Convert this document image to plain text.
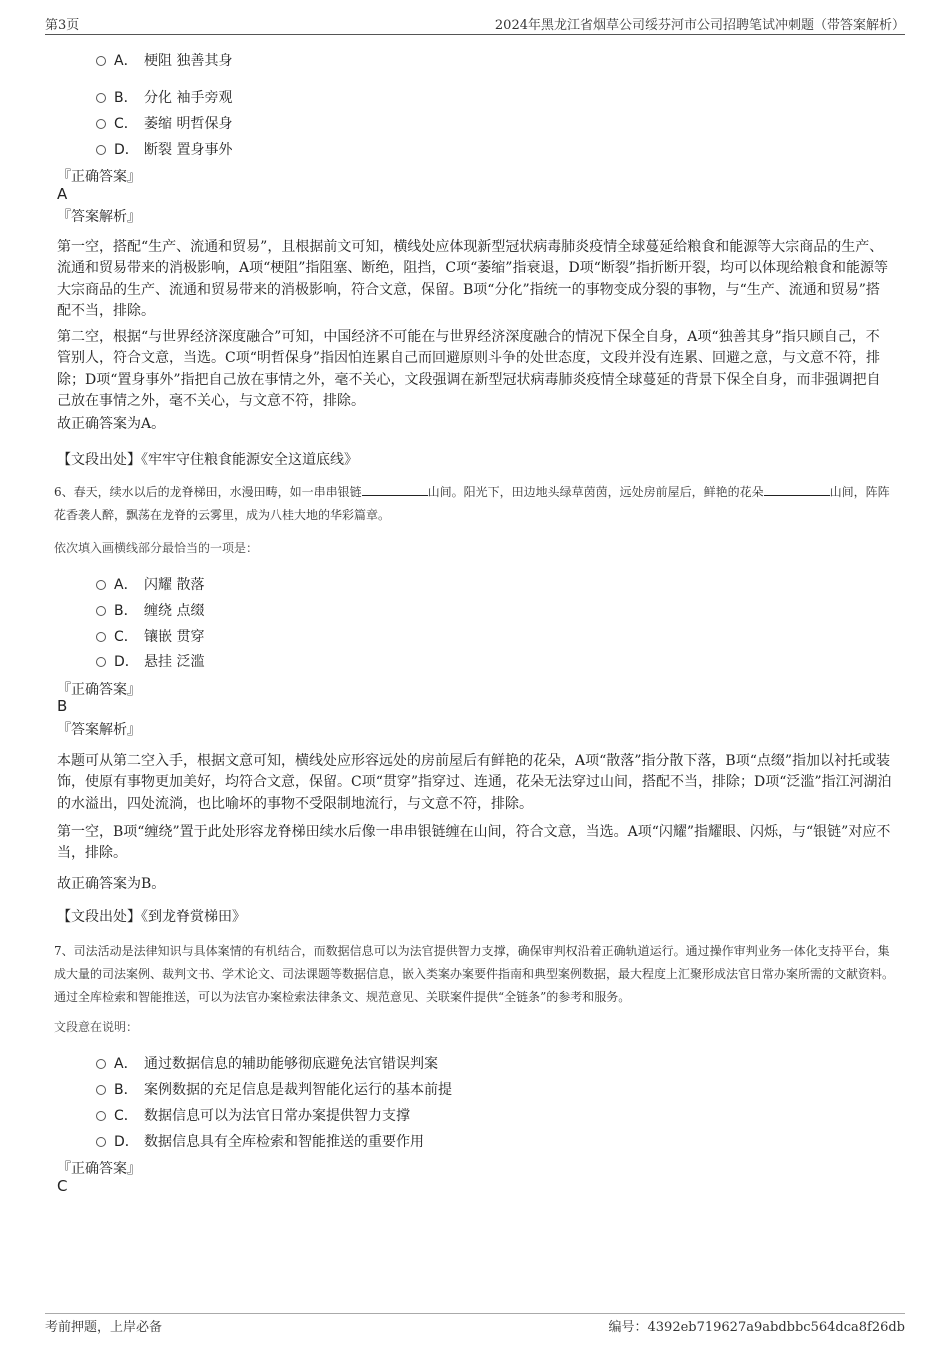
第3页	2024年黑龙江省烟草公司绥芬河市公司招聘笔试冲刺题（带答案解析）
A． 梗阻 独善其身
B． 分化 袖手旁观
C． 萎缩 明哲保身
D． 断裂 置身事外
『正确答案』
A
『答案解析』
第一空，搭配“生产、流通和贸易”，且根据前文可知，横线处应体现新型冠状病毒肺炎疫情全球蔓延给粮食和能源等大宗商品的生产、流通和贸易带来的消极影响，A项“梗阻”指阻塞、断绝，阻挡，C项“萎缩”指衰退，D项“断裂”指折断开裂，均可以体现给粮食和能源等大宗商品的生产、流通和贸易带来的消极影响，符合文意，保留。B项“分化”指统一的事物变成分裂的事物，与“生产、流通和贸易”搭配不当，排除。
第二空，根据“与世界经济深度融合”可知，中国经济不可能在与世界经济深度融合的情况下保全自身，A项“独善其身”指只顾自己，不管别人，符合文意，当选。C项“明哲保身”指因怕连累自己而回避原则斗争的处世态度，文段并没有连累、回避之意，与文意不符，排除；D项“置身事外”指把自己放在事情之外，毫不关心，文段强调在新型冠状病毒肺炎疫情全球蔓延的背景下保全自身，而非强调把自己放在事情之外，毫不关心，与文意不符，排除。
故正确答案为A。
【文段出处】《牢牢守住粮食能源安全这道底线》
6、春天，续水以后的龙脊梯田，水漫田畴，如一串串银链	山间。阳光下，田边地头绿草茵茵，远处房前屋后，鲜艳的花朵	山间，阵阵花香袭人醉，飘荡在龙脊的云雾里，成为八桂大地的华彩篇章。
依次填入画横线部分最恰当的一项是：
A． 闪耀 散落
B． 缠绕 点缀
C． 镶嵌 贯穿
D． 悬挂 泛滥
『正确答案』
B
『答案解析』
本题可从第二空入手，根据文意可知，横线处应形容远处的房前屋后有鲜艳的花朵，A项“散落”指分散下落，B项“点缀”指加以衬托或装饰，使原有事物更加美好，均符合文意，保留。C项“贯穿”指穿过、连通，花朵无法穿过山间，搭配不当，排除；D项“泛滥”指江河湖泊的水溢出，四处流淌，也比喻坏的事物不受限制地流行，与文意不符，排除。
第一空，B项“缠绕”置于此处形容龙脊梯田续水后像一串串银链缠在山间，符合文意，当选。A项“闪耀”指耀眼、闪烁，与“银链”对应不当，排除。
故正确答案为B。
【文段出处】《到龙脊赏梯田》
7、司法活动是法律知识与具体案情的有机结合，而数据信息可以为法官提供智力支撑，确保审判权沿着正确轨道运行。通过操作审判业务一体化支持平台，集成大量的司法案例、裁判文书、学术论文、司法课题等数据信息，嵌入类案办案要件指南和典型案例数据，最大程度上汇聚形成法官日常办案所需的文献资料。通过全库检索和智能推送，可以为法官办案检索法律条文、规范意见、关联案件提供“全链条”的参考和服务。
文段意在说明：
A． 通过数据信息的辅助能够彻底避免法官错误判案
B． 案例数据的充足信息是裁判智能化运行的基本前提
C． 数据信息可以为法官日常办案提供智力支撑
D． 数据信息具有全库检索和智能推送的重要作用
『正确答案』
C
考前押题，上岸必备	编号：4392eb719627a9abdbbc564dca8f26db
